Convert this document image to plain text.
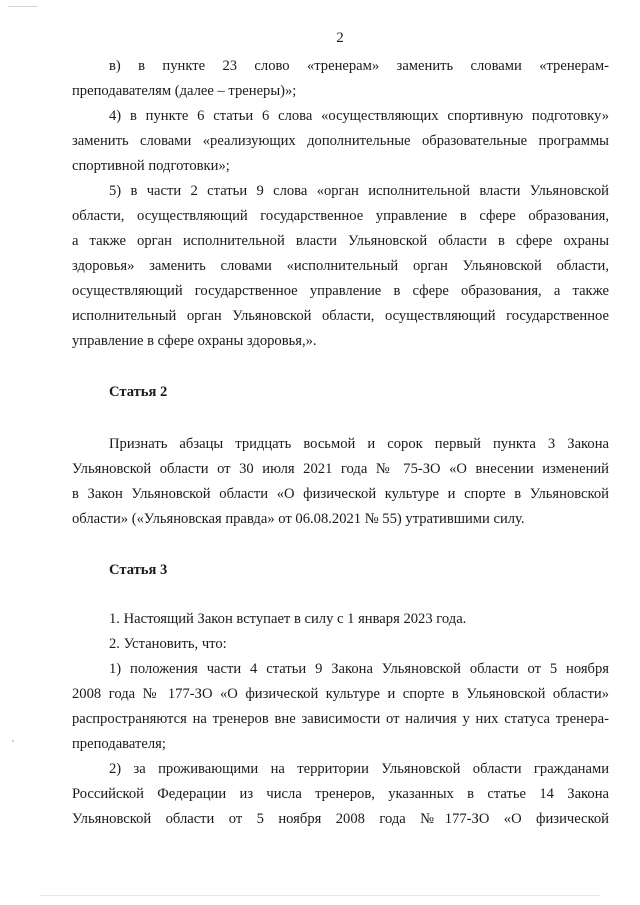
2
в) в пункте 23 слово «тренерам» заменить словами «тренерам-
преподавателям (далее – тренеры)»;
4) в пункте 6 статьи 6 слова «осуществляющих спортивную подготовку»
заменить словами «реализующих дополнительные образовательные программы
спортивной подготовки»;
5) в части 2 статьи 9 слова «орган исполнительной власти Ульяновской
области, осуществляющий государственное управление в сфере образования,
а также орган исполнительной власти Ульяновской области в сфере охраны
здоровья» заменить словами «исполнительный орган Ульяновской области,
осуществляющий государственное управление в сфере образования, а также
исполнительный орган Ульяновской области, осуществляющий государственное
управление в сфере охраны здоровья,».
Статья 2
Признать абзацы тридцать восьмой и сорок первый пункта 3 Закона
Ульяновской области от 30 июля 2021 года № 75-ЗО «О внесении изменений
в Закон Ульяновской области «О физической культуре и спорте в Ульяновской
области» («Ульяновская правда» от 06.08.2021 № 55) утратившими силу.
Статья 3
1. Настоящий Закон вступает в силу с 1 января 2023 года.
2. Установить, что:
1) положения части 4 статьи 9 Закона Ульяновской области от 5 ноября
2008 года № 177-ЗО «О физической культуре и спорте в Ульяновской области»
распространяются на тренеров вне зависимости от наличия у них статуса тренера-
преподавателя;
2) за проживающими на территории Ульяновской области гражданами
Российской Федерации из числа тренеров, указанных в статье 14 Закона
Ульяновской области от 5 ноября 2008 года №177-ЗО «О физической
